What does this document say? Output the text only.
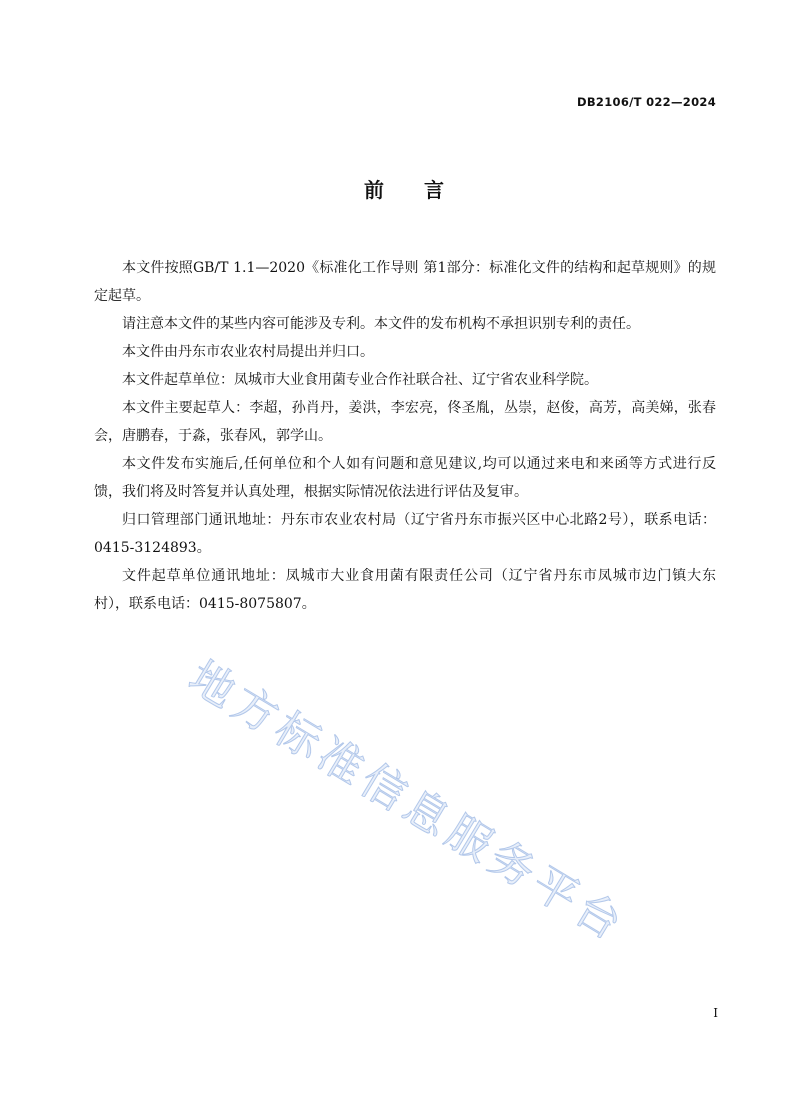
DB2106/T 022—2024
前　　言

本文件按照GB/T 1.1—2020《标准化工作导则 第1部分：标准化文件的结构和起草规则》的规定起草。

请注意本文件的某些内容可能涉及专利。本文件的发布机构不承担识别专利的责任。

本文件由丹东市农业农村局提出并归口。

本文件起草单位：凤城市大业食用菌专业合作社联合社、辽宁省农业科学院。

本文件主要起草人：李超，孙肖丹，姜洪，李宏亮，佟圣胤，丛崇，赵俊，高芳，高美娣，张春会，唐鹏春，于淼，张春风，郭学山。

本文件发布实施后,任何单位和个人如有问题和意见建议,均可以通过来电和来函等方式进行反馈，我们将及时答复并认真处理，根据实际情况依法进行评估及复审。

归口管理部门通讯地址：丹东市农业农村局（辽宁省丹东市振兴区中心北路2号），联系电话：0415-3124893。

文件起草单位通讯地址：凤城市大业食用菌有限责任公司（辽宁省丹东市凤城市边门镇大东村），联系电话：0415-8075807。

地方标准信息服务平台
I
